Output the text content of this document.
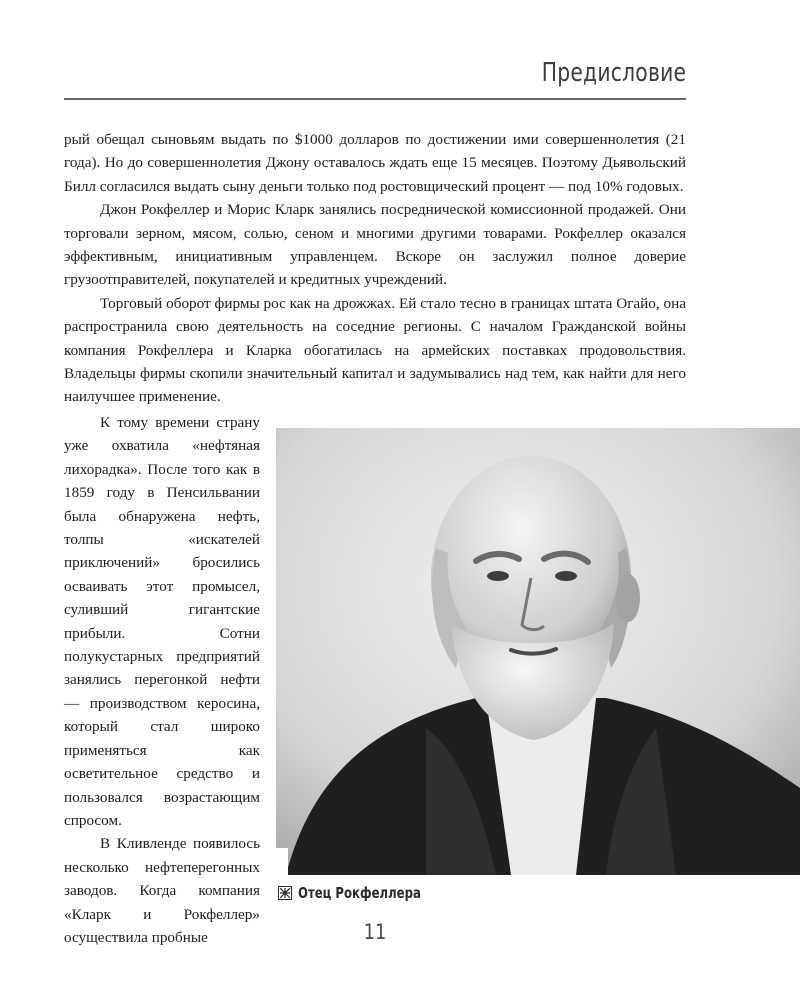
Предисловие

рый обещал сыновьям выдать по $1000 долларов по достижении ими совершеннолетия (21 года). Но до совершеннолетия Джону оставалось ждать еще 15 месяцев. Поэтому Дьявольский Билл согласился выдать сыну деньги только под ростовщический процент — под 10% годовых.

Джон Рокфеллер и Морис Кларк занялись посреднической комиссионной продажей. Они торговали зерном, мясом, солью, сеном и многими другими товарами. Рокфеллер оказался эффективным, инициативным управленцем. Вскоре он заслужил полное доверие грузоотправителей, покупателей и кредитных учреждений.

Торговый оборот фирмы рос как на дрожжах. Ей стало тесно в границах штата Огайо, она распространила свою деятельность на соседние регионы. С началом Гражданской войны компания Рокфеллера и Кларка обогатилась на армейских поставках продовольствия. Владельцы фирмы скопили значительный капитал и задумывались над тем, как найти для него наилучшее применение.

К тому времени страну уже охватила «нефтяная лихорадка». После того как в 1859 году в Пенсильвании была обнаружена нефть, толпы «искателей приключений» бросились осваивать этот промысел, суливший гигантские прибыли. Сотни полукустарных предприятий занялись перегонкой нефти — производством керосина, который стал широко применяться как осветительное средство и пользовался возрастающим спросом.

В Кливленде появилось несколько нефтеперегонных заводов. Когда компания «Кларк и Рокфеллер» осуществила пробные

Отец Рокфеллера
11
